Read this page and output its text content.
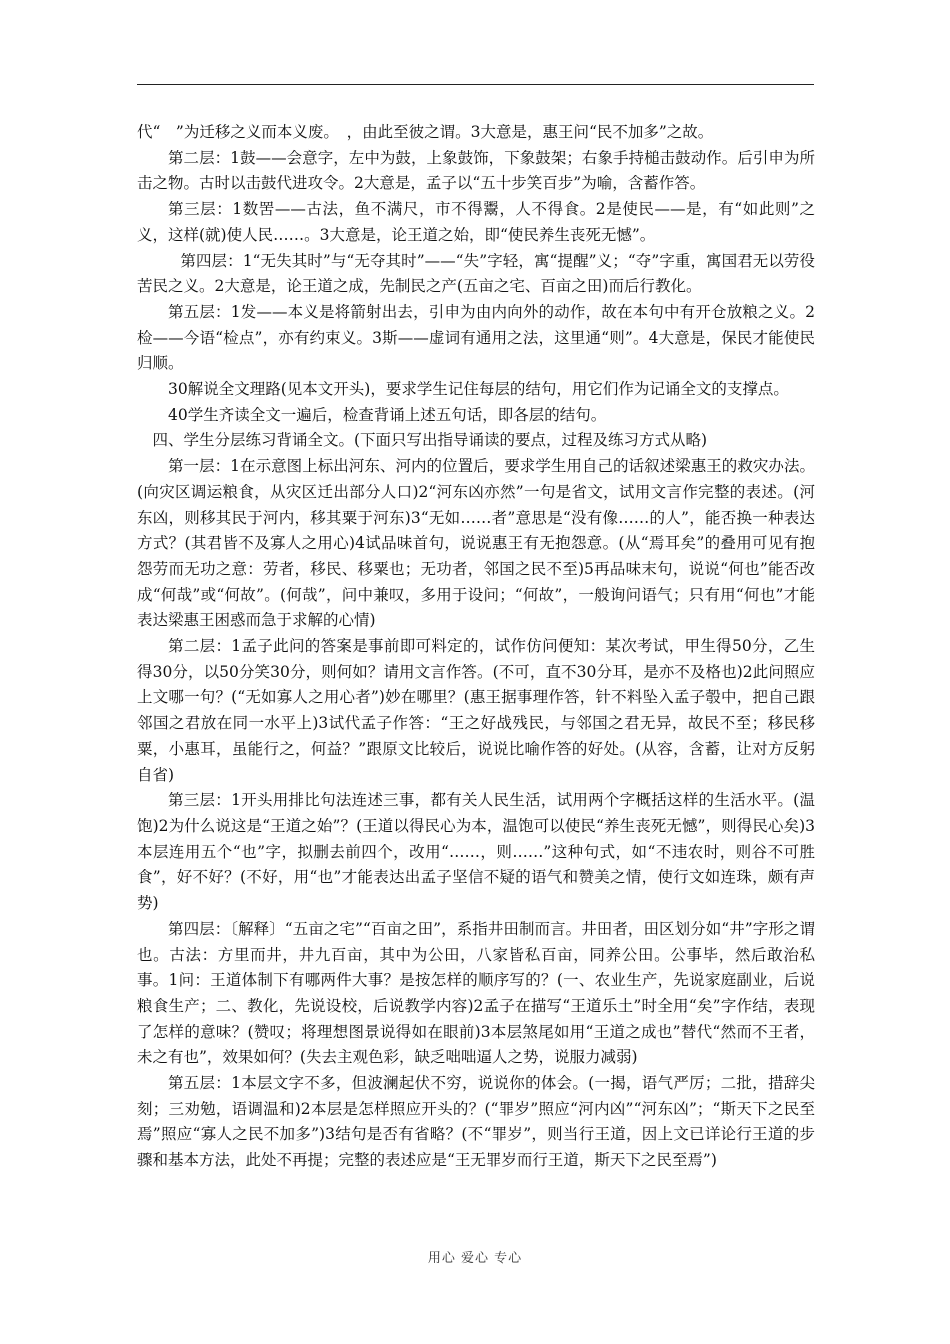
代“　”为迁移之义而本义废。　，由此至彼之谓。3大意是，惠王问“民不加多”之故。

第二层：1鼓——会意字，左中为鼓，上象鼓饰，下象鼓架；右象手持槌击鼓动作。后引申为所击之物。古时以击鼓代进攻令。2大意是，孟子以“五十步笑百步”为喻，含蓄作答。

第三层：1数罟——古法，鱼不满尺，市不得鬻，人不得食。2是使民——是，有“如此则”之义，这样(就)使人民……。3大意是，论王道之始，即“使民养生丧死无憾”。

第四层：1“无失其时”与“无夺其时”——“失”字轻，寓“提醒”义；“夺”字重，寓国君无以劳役苦民之义。2大意是，论王道之成，先制民之产(五亩之宅、百亩之田)而后行教化。

第五层：1发——本义是将箭射出去，引申为由内向外的动作，故在本句中有开仓放粮之义。2检——今语“检点”，亦有约束义。3斯——虚词有通用之法，这里通“则”。4大意是，保民才能使民归顺。

30解说全文理路(见本文开头)，要求学生记住每层的结句，用它们作为记诵全文的支撑点。

40学生齐读全文一遍后，检查背诵上述五句话，即各层的结句。

四、学生分层练习背诵全文。(下面只写出指导诵读的要点，过程及练习方式从略)

第一层：1在示意图上标出河东、河内的位置后，要求学生用自己的话叙述梁惠王的救灾办法。(向灾区调运粮食，从灾区迁出部分人口)2“河东凶亦然”一句是省文，试用文言作完整的表述。(河东凶，则移其民于河内，移其粟于河东)3“无如……者”意思是“没有像……的人”，能否换一种表达方式？(其君皆不及寡人之用心)4试品味首句，说说惠王有无抱怨意。(从“焉耳矣”的叠用可见有抱怨劳而无功之意：劳者，移民、移粟也；无功者，邻国之民不至)5再品味末句，说说“何也”能否改成“何哉”或“何故”。(何哉”，问中兼叹，多用于设问；“何故”，一般询问语气；只有用“何也”才能表达梁惠王困惑而急于求解的心情)

第二层：1孟子此问的答案是事前即可料定的，试作仿问便知：某次考试，甲生得50分，乙生得30分，以50分笑30分，则何如？请用文言作答。(不可，直不30分耳，是亦不及格也)2此问照应上文哪一句？(“无如寡人之用心者”)妙在哪里？(惠王据事理作答，针不料坠入孟子彀中，把自己跟邻国之君放在同一水平上)3试代孟子作答：“王之好战残民，与邻国之君无异，故民不至；移民移粟，小惠耳，虽能行之，何益？”跟原文比较后，说说比喻作答的好处。(从容，含蓄，让对方反躬自省)

第三层：1开头用排比句法连述三事，都有关人民生活，试用两个字概括这样的生活水平。(温饱)2为什么说这是“王道之始”？(王道以得民心为本，温饱可以使民“养生丧死无憾”，则得民心矣)3本层连用五个“也”字，拟删去前四个，改用“……，则……”这种句式，如“不违农时，则谷不可胜食”，好不好？(不好，用“也”才能表达出孟子坚信不疑的语气和赞美之情，使行文如连珠，颇有声势)

第四层：〔解释〕“五亩之宅”“百亩之田”，系指井田制而言。井田者，田区划分如“井”字形之谓也。古法：方里而井，井九百亩，其中为公田，八家皆私百亩，同养公田。公事毕，然后敢治私事。1问：王道体制下有哪两件大事？是按怎样的顺序写的？(一、农业生产，先说家庭副业，后说粮食生产；二、教化，先说设校，后说教学内容)2孟子在描写“王道乐土”时全用“矣”字作结，表现了怎样的意味？(赞叹；将理想图景说得如在眼前)3本层煞尾如用“王道之成也”替代“然而不王者，未之有也”，效果如何？(失去主观色彩，缺乏咄咄逼人之势，说服力减弱)

第五层：1本层文字不多，但波澜起伏不穷，说说你的体会。(一揭，语气严厉；二批，措辞尖刻；三劝勉，语调温和)2本层是怎样照应开头的？(“罪岁”照应“河内凶”“河东凶”；“斯天下之民至焉”照应“寡人之民不加多”)3结句是否有省略？(不“罪岁”，则当行王道，因上文已详论行王道的步骤和基本方法，此处不再提；完整的表述应是“王无罪岁而行王道，斯天下之民至焉”)

用心 爱心 专心
